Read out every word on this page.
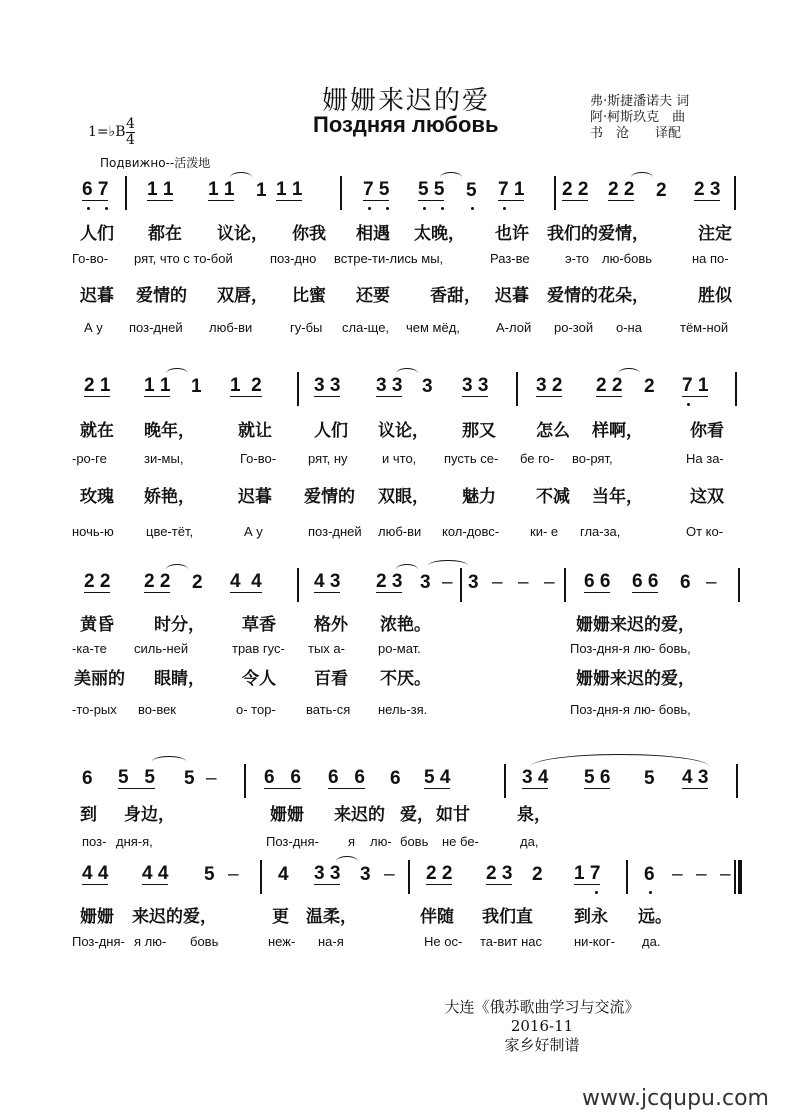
姗姗来迟的爱
Поздняя любовь
弗·斯捷潘诺夫 词
阿·柯斯玖克　曲
书　沧　　译配
1=♭B 4
4
Подвижно--活泼地
6 7 1 1 1 1 1 1 1	7 5 5 5 5 7 1 2 2 2 2 2 2 3
人们 都在 议论， 你我 相遇 太晚， 也许 我们的爱情，	注定
Го-во- рят, что с то-бой	поз-дно встре-ти-лись мы,	Раз-ве	э-то лю-бовь	на по-
迟暮 爱情的 双唇， 比蜜 还要 香甜， 迟暮 爱情的花朵，	胜似
А у поз-дней люб-ви	гу-бы сла-ще, чем мёд,	А-лой ро-зой о-на	тём-ной
2 1 1 1 1 1  2	3 3 3 3 3 3 3	3 2 2 2 2 7 1
就在 晚年，	就让 人们 议论， 那又 怎么 样啊，	你看
-ро-ге	зи-мы,	Го-во- рят, ну	и что, пусть се- бе го- во-рят,	На за-
玫瑰 娇艳，	迟暮 爱情的 双眼， 魅力 不减 当年，	这双
ночь-ю цве-тёт,	А у	поз-дней люб-ви кол-довс- ки- е гла-за,	От ко-
2 2 2 2 2 4  4	4 3 2 3 3 – 3 – – – 6 6 6 6 6 –
黄昏 时分， 草香 格外 浓艳。	姗姗来迟的爱，
-ка-те силь-ней	трав гус- тых а-	ро-мат.	Поз-дня-я лю- бовь,
美丽的 眼睛， 令人 百看 不厌。	姗姗来迟的爱，
-то-рых во-век	о- тор- вать-ся нель-зя.	Поз-дня-я лю- бовь,
6 5   5 5 – 6   6 6   6 6 5 4	3 4 5 6 5 4 3
到 身边，	姗姗 来迟的 爱， 如甘	泉，
поз- дня-я,	Поз-дня- я лю- бовь не бе-	да,
4 4 4 4 5 – 4 3 3 3 – 2 2 2 3 2 1 7 6 – – –
姗姗 来迟的爱，	更 温柔，	伴随 我们直 到永 远。
Поз-дня- я лю- бовь	неж- на-я	Не ос- та-вит нас ни-ког- да.
大连《俄苏歌曲学习与交流》
2016-11
家乡好制谱
www.jcqupu.com
